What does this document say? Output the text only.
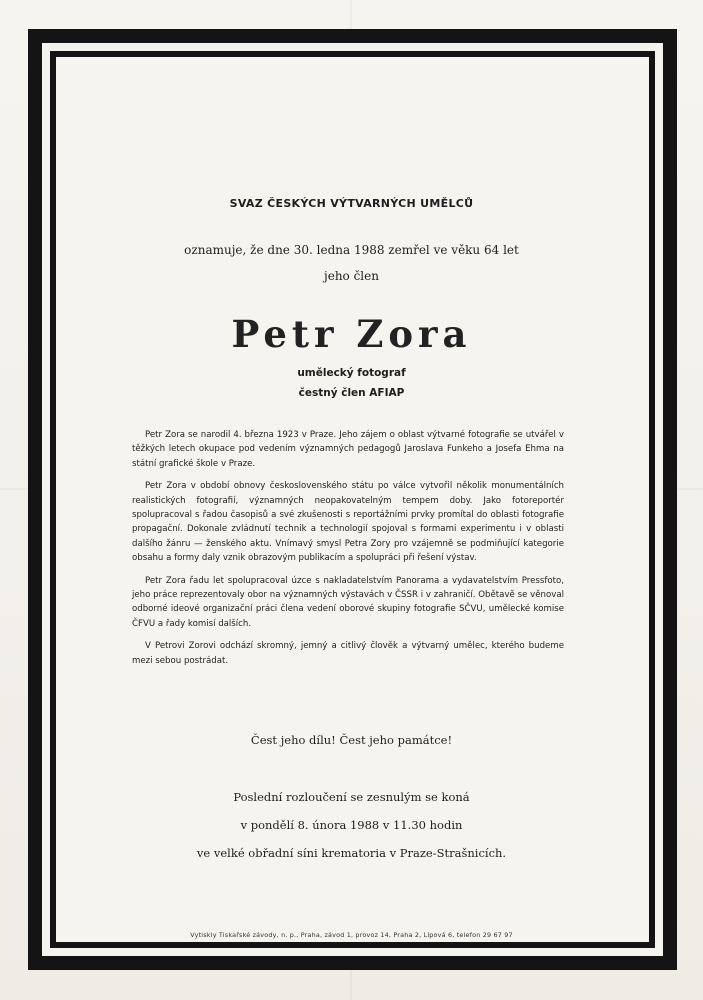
SVAZ ČESKÝCH VÝTVARNÝCH UMĚLCŮ
oznamuje, že dne 30. ledna 1988 zemřel ve věku 64 let
jeho člen
Petr Zora
umělecký fotograf
čestný člen AFIAP

Petr Zora se narodil 4. března 1923 v Praze. Jeho zájem o oblast výtvarné fotografie se utvářel v těžkých letech okupace pod vedením významných pedagogů Jaroslava Funkeho a Josefa Ehma na státní grafické škole v Praze.

Petr Zora v období obnovy československého státu po válce vytvořil několik monumentálních realistických fotografií, významných neopakovatelným tempem doby. Jako fotoreportér spolupracoval s řadou časopisů a své zkušenosti s reportážními prvky promítal do oblasti fotografie propagační. Dokonale zvládnutí technik a technologií spojoval s formami experimentu i v oblasti dalšího žánru — ženského aktu. Vnímavý smysl Petra Zory pro vzájemně se podmiňující kategorie obsahu a formy daly vznik obrazovým publikacím a spolupráci při řešení výstav.

Petr Zora řadu let spolupracoval úzce s nakladatelstvím Panorama a vydavatelstvím Pressfoto, jeho práce reprezentovaly obor na významných výstavách v ČSSR i v zahraničí. Obětavě se věnoval odborné ideové organizační práci člena vedení oborové skupiny fotografie SČVU, umělecké komise ČFVU a řady komisí dalších.

V Petrovi Zorovi odchází skromný, jemný a citlivý člověk a výtvarný umělec, kterého budeme mezi sebou postrádat.

Čest jeho dílu! Čest jeho památce!
Poslední rozloučení se zesnulým se koná
v pondělí 8. února 1988 v 11.30 hodin
ve velké obřadní síni krematoria v Praze-Strašnicích.
Vytiskly Tiskařské závody, n. p., Praha, závod 1, provoz 14, Praha 2, Lípová 6, telefon 29 67 97
